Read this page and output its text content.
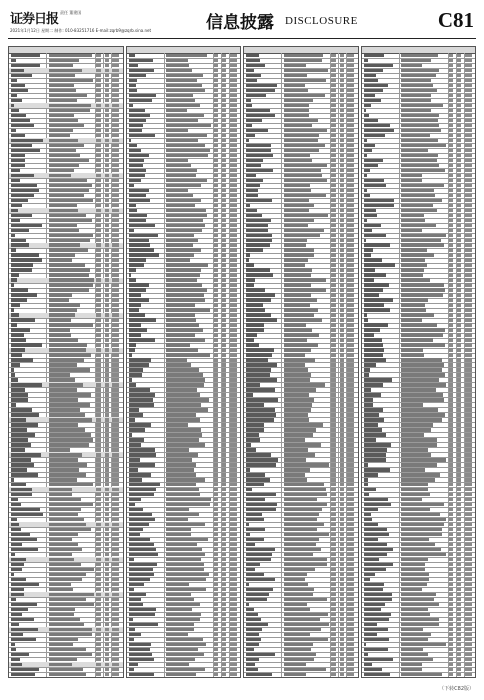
证券日报 责任 董建国
2021年1月12日 星期二 制作: 010-83251716 E-mail:zqrb9@zqrb.sina.net	信息披露 DISCLOSURE	C81
（下转C82版）
